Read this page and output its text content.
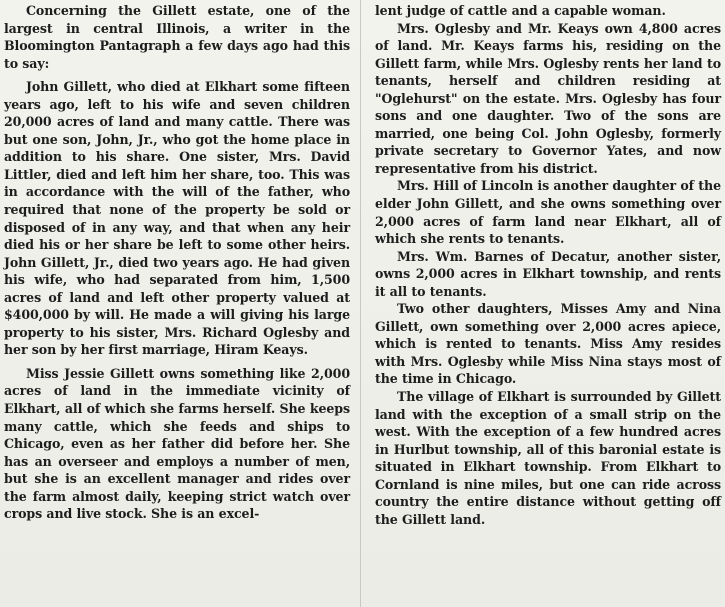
Concerning the Gillett estate, one of the largest in central Illinois, a writer in the Bloomington Pantagraph a few days ago had this to say:

John Gillett, who died at Elkhart some fifteen years ago, left to his wife and seven children 20,000 acres of land and many cattle. There was but one son, John, Jr., who got the home place in addition to his share. One sister, Mrs. David Littler, died and left him her share, too. This was in accordance with the will of the father, who required that none of the property be sold or disposed of in any way, and that when any heir died his or her share be left to some other heirs. John Gillett, Jr., died two years ago. He had given his wife, who had separated from him, 1,500 acres of land and left other property valued at $400,000 by will. He made a will giving his large property to his sister, Mrs. Richard Oglesby and her son by her first marriage, Hiram Keays.

Miss Jessie Gillett owns something like 2,000 acres of land in the immediate vicinity of Elkhart, all of which she farms herself. She keeps many cattle, which she feeds and ships to Chicago, even as her father did before her. She has an overseer and employs a number of men, but she is an excellent manager and rides over the farm almost daily, keeping strict watch over crops and live stock. She is an excel-

lent judge of cattle and a capable woman.

Mrs. Oglesby and Mr. Keays own 4,800 acres of land. Mr. Keays farms his, residing on the Gillett farm, while Mrs. Oglesby rents her land to tenants, herself and children residing at "Oglehurst" on the estate. Mrs. Oglesby has four sons and one daughter. Two of the sons are married, one being Col. John Oglesby, formerly private secretary to Governor Yates, and now representative from his district.

Mrs. Hill of Lincoln is another daughter of the elder John Gillett, and she owns something over 2,000 acres of farm land near Elkhart, all of which she rents to tenants.

Mrs. Wm. Barnes of Decatur, another sister, owns 2,000 acres in Elkhart township, and rents it all to tenants.

Two other daughters, Misses Amy and Nina Gillett, own something over 2,000 acres apiece, which is rented to tenants. Miss Amy resides with Mrs. Oglesby while Miss Nina stays most of the time in Chicago.

The village of Elkhart is surrounded by Gillett land with the exception of a small strip on the west. With the exception of a few hundred acres in Hurlbut township, all of this baronial estate is situated in Elkhart township. From Elkhart to Cornland is nine miles, but one can ride across country the entire distance without getting off the Gillett land.
